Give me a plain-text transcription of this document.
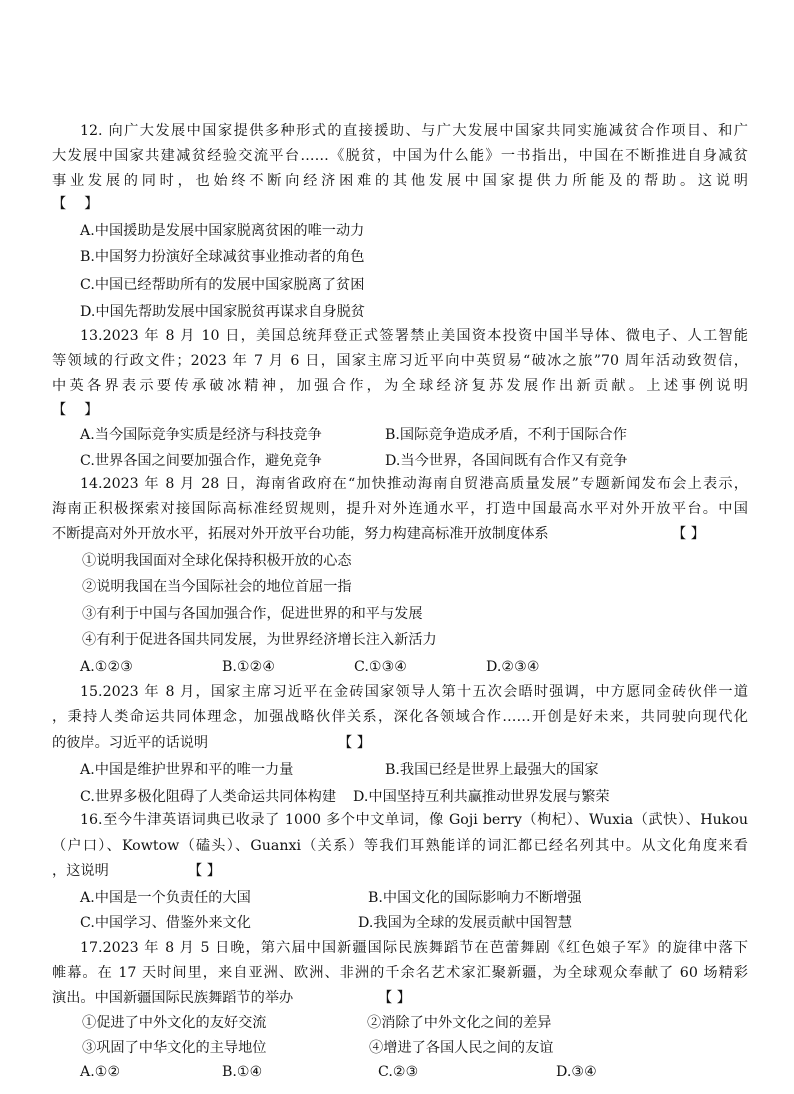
12. 向广大发展中国家提供多种形式的直接援助、与广大发展中国家共同实施减贫合作项目、和广
大发展中国家共建减贫经验交流平台……《脱贫，中国为什么能》一书指出，中国在不断推进自身减贫
事业发展的同时，也始终不断向经济困难的其他发展中国家提供力所能及的帮助。这说明
【    】
A.中国援助是发展中国家脱离贫困的唯一动力
B.中国努力扮演好全球减贫事业推动者的角色
C.中国已经帮助所有的发展中国家脱离了贫困
D.中国先帮助发展中国家脱贫再谋求自身脱贫
13.2023 年 8 月 10 日，美国总统拜登正式签署禁止美国资本投资中国半导体、微电子、人工智能
等领域的行政文件；2023 年 7 月 6 日，国家主席习近平向中英贸易“破冰之旅”70 周年活动致贺信，
中英各界表示要传承破冰精神，加强合作，为全球经济复苏发展作出新贡献。上述事例说明
【    】
A.当今国际竞争实质是经济与科技竞争	B.国际竞争造成矛盾，不利于国际合作
C.世界各国之间要加强合作，避免竞争	D.当今世界，各国间既有合作又有竞争
14.2023 年 8 月 28 日，海南省政府在“加快推动海南自贸港高质量发展”专题新闻发布会上表示，
海南正积极探索对接国际高标准经贸规则，提升对外连通水平，打造中国最高水平对外开放平台。中国
不断提高对外开放水平，拓展对外开放平台功能，努力构建高标准开放制度体系	【 】
①说明我国面对全球化保持积极开放的心态
②说明我国在当今国际社会的地位首屈一指
③有利于中国与各国加强合作，促进世界的和平与发展
④有利于促进各国共同发展，为世界经济增长注入新活力
A.①②③	B.①②④	C.①③④	D.②③④
15.2023 年 8 月，国家主席习近平在金砖国家领导人第十五次会晤时强调，中方愿同金砖伙伴一道
，秉持人类命运共同体理念，加强战略伙伴关系，深化各领域合作……开创是好未来，共同驶向现代化
的彼岸。习近平的话说明	【 】
A.中国是维护世界和平的唯一力量	B.我国已经是世界上最强大的国家
C.世界多极化阻碍了人类命运共同体构建 D.中国坚持互利共赢推动世界发展与繁荣
16.至今牛津英语词典已收录了 1000 多个中文单词，像 Goji berry（枸杞）、Wuxia（武快）、Hukou
（户口）、Kowtow（磕头）、Guanxi（关系）等我们耳熟能详的词汇都已经名列其中。从文化角度来看
，这说明	【 】
A.中国是一个负责任的大国	B.中国文化的国际影响力不断增强
C.中国学习、借鉴外来文化	D.我国为全球的发展贡献中国智慧
17.2023 年 8 月 5 日晚，第六届中国新疆国际民族舞蹈节在芭蕾舞剧《红色娘子军》的旋律中落下
帷幕。在 17 天时间里，来自亚洲、欧洲、非洲的千余名艺术家汇聚新疆，为全球观众奉献了 60 场精彩
演出。中国新疆国际民族舞蹈节的举办	【 】
①促进了中外文化的友好交流	②消除了中外文化之间的差异
③巩固了中华文化的主导地位	④增进了各国人民之间的友谊
A.①②	B.①④	C.②③	D.③④
